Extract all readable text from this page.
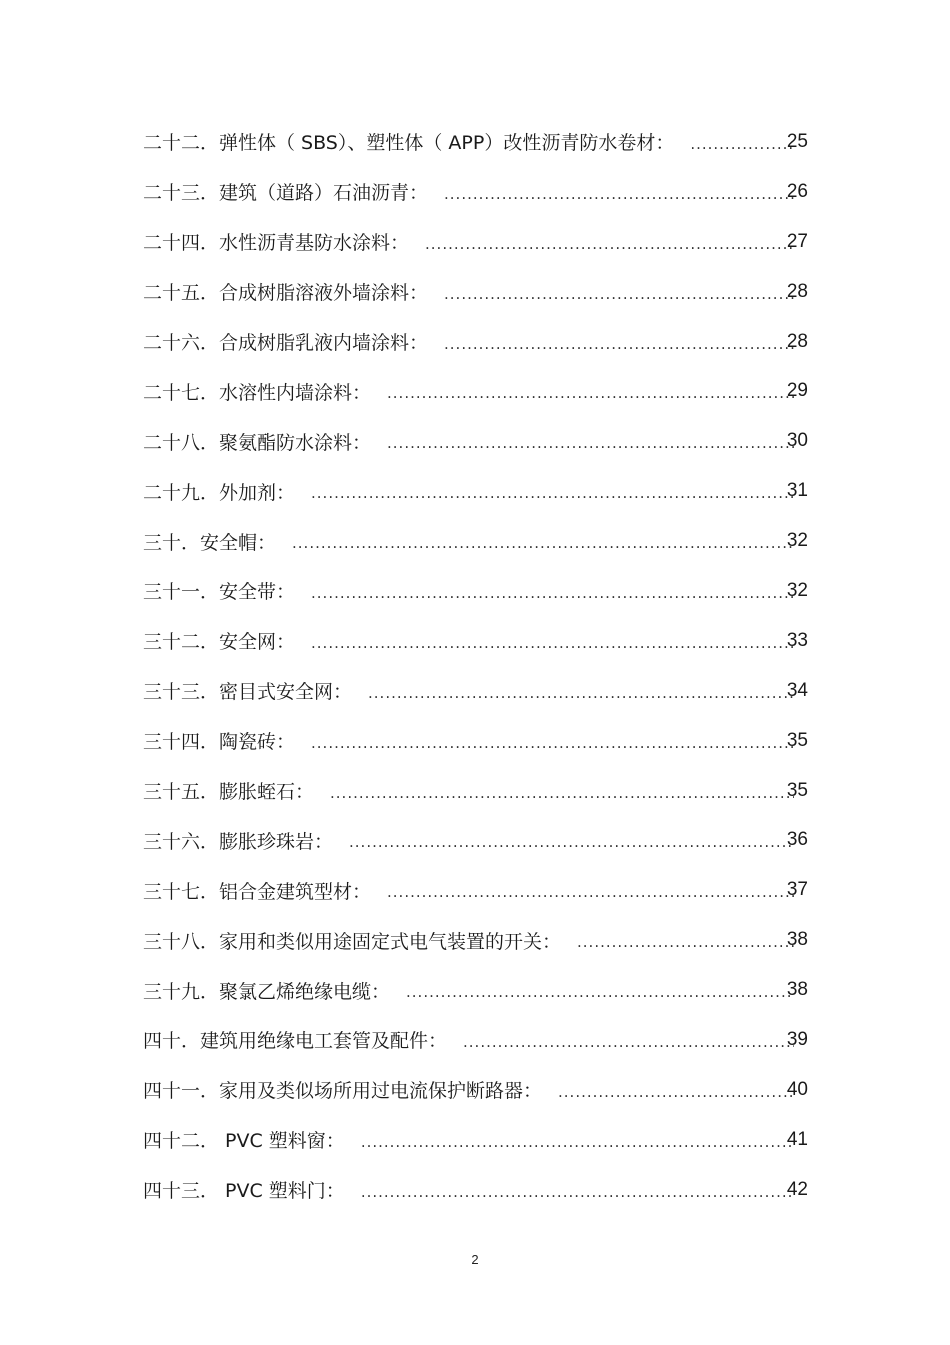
二十二．弹性体（ SBS）、塑性体（ APP）改性沥青防水卷材： .....	25
二十三．建筑（道路）石油沥青： .....	26
二十四．水性沥青基防水涂料： .....	27
二十五．合成树脂溶液外墙涂料： .....	28
二十六．合成树脂乳液内墙涂料： .....	28
二十七．水溶性内墙涂料： .....	29
二十八．聚氨酯防水涂料： .....	30
二十九．外加剂： .....	31
三十．安全帽： .....	32
三十一．安全带： .....	32
三十二．安全网： .....	33
三十三．密目式安全网： .....	34
三十四．陶瓷砖： .....	35
三十五．膨胀蛭石： .....	35
三十六．膨胀珍珠岩： .....	36
三十七．铝合金建筑型材： .....	37
三十八．家用和类似用途固定式电气装置的开关： .....	38
三十九．聚氯乙烯绝缘电缆： .....	38
四十．建筑用绝缘电工套管及配件： .....	39
四十一．家用及类似场所用过电流保护断路器： .....	40
四十二． PVC 塑料窗： .....	41
四十三． PVC 塑料门： .....	42
2
